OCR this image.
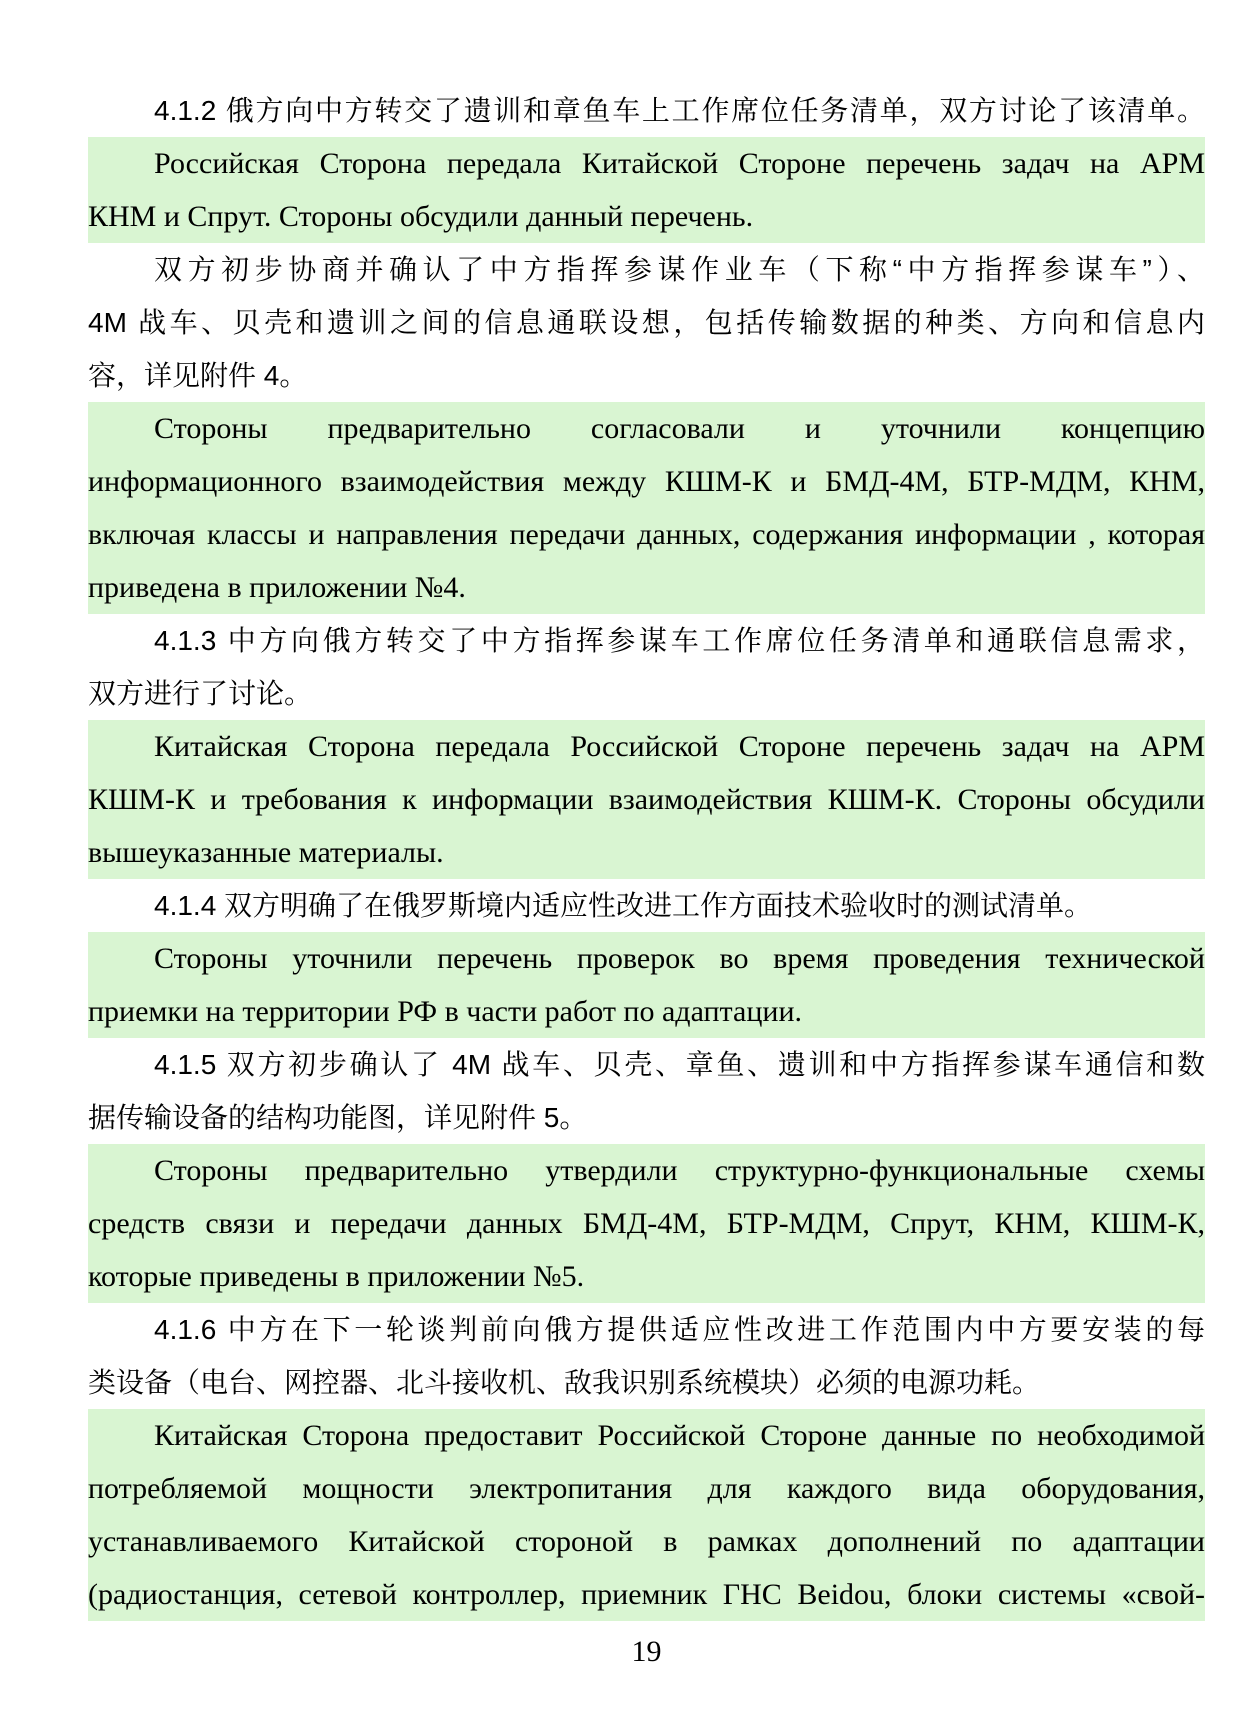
4.1.2 俄方向中方转交了遗训和章鱼车上工作席位任务清单，双方讨论了该清单。
Российская Сторона передала Китайской Стороне перечень задач на АРМ
КНМ и Спрут. Стороны обсудили данный перечень.
双方初步协商并确认了中方指挥参谋作业车（下称“中方指挥参谋车”）、
4M 战车、贝壳和遗训之间的信息通联设想，包括传输数据的种类、方向和信息内
容，详见附件 4。
Стороны предварительно согласовали и уточнили концепцию
информационного взаимодействия между КШМ-К и БМД-4М, БТР-МДМ, КНМ,
включая классы и направления передачи данных, содержания информации , которая
приведена в приложении №4.
4.1.3 中方向俄方转交了中方指挥参谋车工作席位任务清单和通联信息需求，
双方进行了讨论。
Китайская Сторона передала Российской Стороне перечень задач на АРМ
КШМ-К и требования к информации взаимодействия КШМ-К. Стороны обсудили
вышеуказанные материалы.
4.1.4 双方明确了在俄罗斯境内适应性改进工作方面技术验收时的测试清单。
Стороны уточнили перечень проверок во время проведения технической
приемки на территории РФ в части работ по адаптации.
4.1.5 双方初步确认了 4M 战车、贝壳、章鱼、遗训和中方指挥参谋车通信和数
据传输设备的结构功能图，详见附件 5。
Стороны предварительно утвердили структурно-функциональные схемы
средств связи и передачи данных БМД-4М, БТР-МДМ, Спрут, КНМ, КШМ-К,
которые приведены в приложении №5.
4.1.6 中方在下一轮谈判前向俄方提供适应性改进工作范围内中方要安装的每
类设备（电台、网控器、北斗接收机、敌我识别系统模块）必须的电源功耗。
Китайская Сторона предоставит Российской Стороне данные по необходимой
потребляемой мощности электропитания для каждого вида оборудования,
устанавливаемого Китайской стороной в рамках дополнений по адаптации
(радиостанция, сетевой контроллер, приемник ГНС Beidou, блоки системы «свой-
19
